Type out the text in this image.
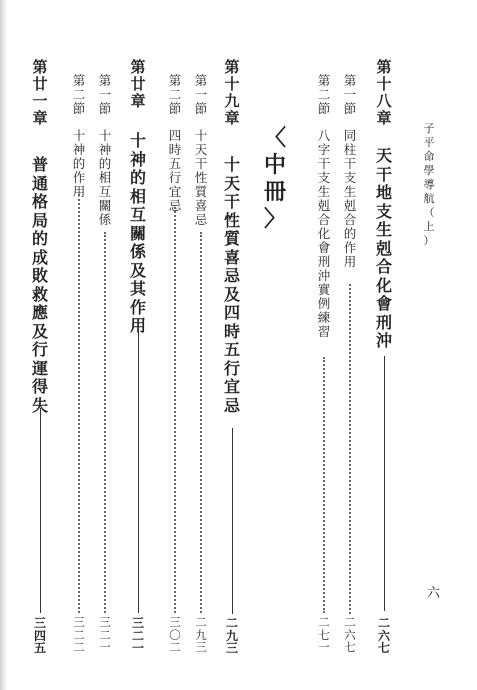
子
平
命
學
導
航
（
上
）
六
第
十
八
章
天
干
地
支
生
剋
合
化
會
刑
沖
二
六
七
第
一
節
同
柱
干
支
生
剋
合
的
作
用
二
六
七
第
二
節
八
字
干
支
生
剋
合
化
會
刑
沖
實
例
練
習
二
七
一
〈
中
冊
〉
第
十
九
章
十
天
干
性
質
喜
忌
及
四
時
五
行
宜
忌
二
九
三
第
一
節
十
天
干
性
質
喜
忌
二
九
三
第
二
節
四
時
五
行
宜
忌
三
〇
二
第
廿
章
十
神
的
相
互
關
係
及
其
作
用
三
二
一
第
一
節
十
神
的
相
互
關
係
三
二
一
第
二
節
十
神
的
作
用
三
二
二
第
廿
一
章
普
通
格
局
的
成
敗
救
應
及
行
運
得
失
三
四
五
